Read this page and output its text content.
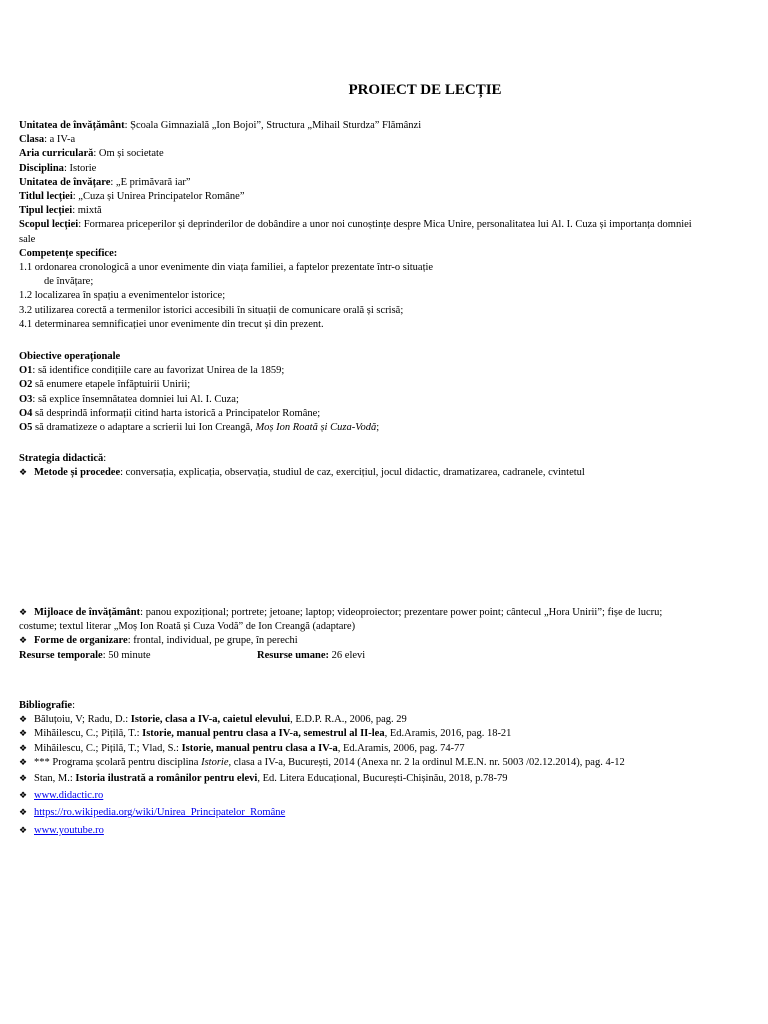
PROIECT DE LECȚIE
Unitatea de învățământ: Școala Gimnazială „Ion Bojoi”, Structura „Mihail Sturdza” Flămânzi
Clasa: a IV-a
Aria curriculară: Om și societate
Disciplina: Istorie
Unitatea de învățare: „E primăvară iar”
Titlul lecției: „Cuza și Unirea Principatelor Române”
Tipul lecției: mixtă
Scopul lecției: Formarea priceperilor și deprinderilor de dobândire a unor noi cunoștințe despre Mica Unire, personalitatea lui Al. I. Cuza și importanța domniei
sale
Competențe specifice:
1.1 ordonarea cronologică a unor evenimente din viața familiei, a faptelor prezentate într-o situație
de învățare;
1.2 localizarea în spațiu a evenimentelor istorice;
3.2 utilizarea corectă a termenilor istorici accesibili în situații de comunicare orală și scrisă;
4.1 determinarea semnificației unor evenimente din trecut și din prezent.
Obiective operaționale
O1: să identifice condițiile care au favorizat Unirea de la 1859;
O2 să enumere etapele înfăptuirii Unirii;
O3: să explice însemnătatea domniei lui Al. I. Cuza;
O4 să desprindă informații citind harta istorică a Principatelor Române;
O5 să dramatizeze o adaptare a scrierii lui Ion Creangă, Moș Ion Roată și Cuza-Vodă;
Strategia didactică:
❖ Metode și procedee: conversația, explicația, observația, studiul de caz, exercițiul, jocul didactic, dramatizarea, cadranele, cvintetul
❖ Mijloace de învățământ: panou expozițional; portrete; jetoane; laptop; videoproiector; prezentare power point; cântecul „Hora Unirii”; fișe de lucru;
costume; textul literar „Moș Ion Roată și Cuza Vodă” de Ion Creangă (adaptare)
❖ Forme de organizare: frontal, individual, pe grupe, în perechi
Resurse temporale: 50 minute	Resurse umane: 26 elevi
Bibliografie:
❖ Băluțoiu, V; Radu, D.: Istorie, clasa a IV-a, caietul elevului, E.D.P. R.A., 2006, pag. 29
❖ Mihăilescu, C.; Pițilă, T.: Istorie, manual pentru clasa a IV-a, semestrul al II-lea, Ed.Aramis, 2016, pag. 18-21
❖ Mihăilescu, C.; Pițilă, T.; Vlad, S.: Istorie, manual pentru clasa a IV-a, Ed.Aramis, 2006, pag. 74-77
❖ *** Programa școlară pentru disciplina Istorie, clasa a IV-a, București, 2014 (Anexa nr. 2 la ordinul M.E.N. nr. 5003 /02.12.2014), pag. 4-12
❖ Stan, M.: Istoria ilustrată a românilor pentru elevi, Ed. Litera Educațional, București-Chișinău, 2018, p.78-79
❖ www.didactic.ro
❖ https://ro.wikipedia.org/wiki/Unirea_Principatelor_Române
❖ www.youtube.ro
